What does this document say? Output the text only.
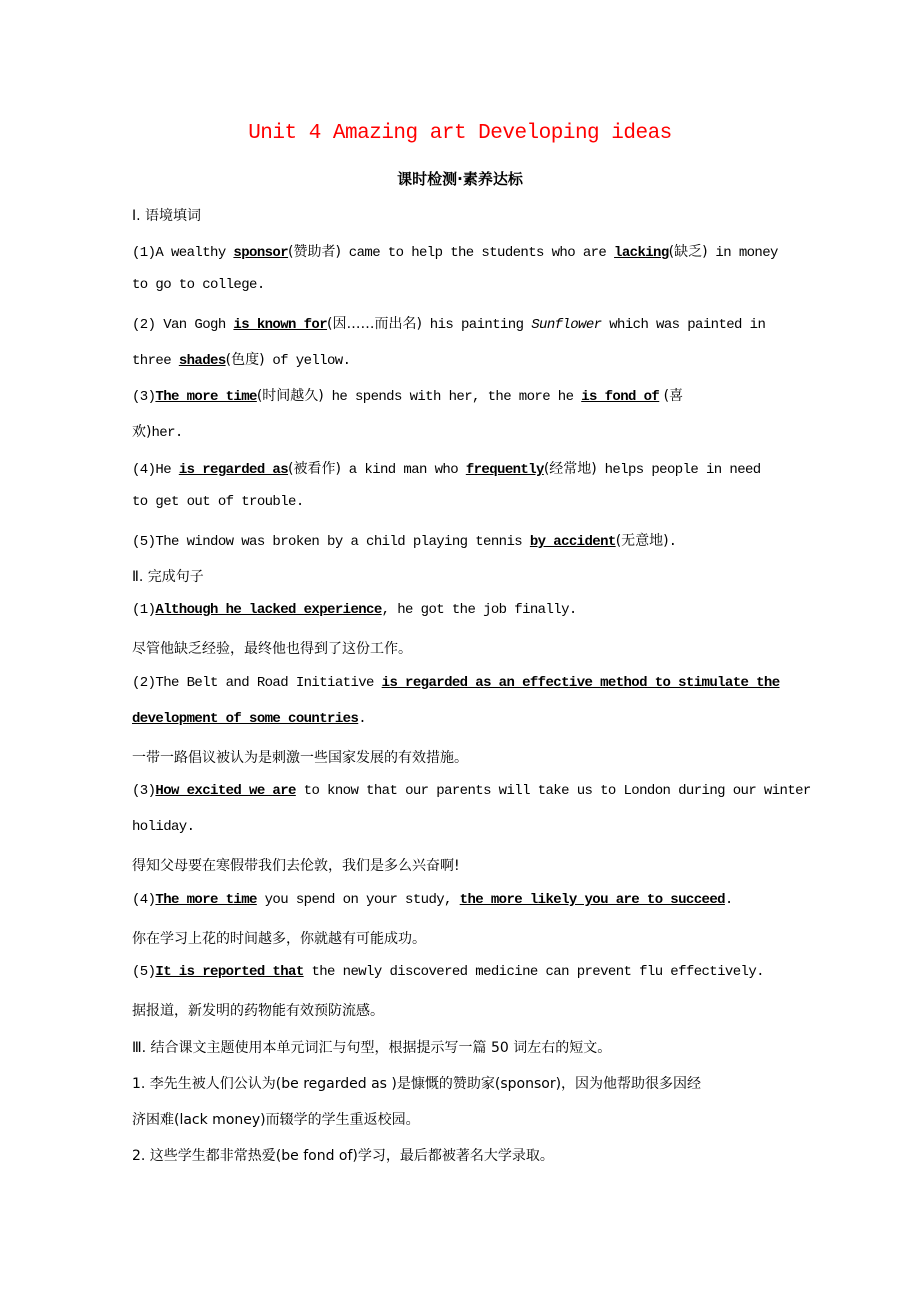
Unit 4 Amazing art Developing ideas
课时检测·素养达标
Ⅰ. 语境填词
(1)A wealthy sponsor(赞助者) came to help the students who are lacking(缺乏) in money
to go to college.
(2) Van Gogh is known for(因……而出名) his painting Sunflower which was painted in
three shades(色度) of yellow.
(3)The more time(时间越久) he spends with her, the more he is fond of (喜
欢)her.
(4)He is regarded as(被看作) a kind man who frequently(经常地) helps people in need
to get out of trouble.
(5)The window was broken by a child playing tennis by accident(无意地).
Ⅱ. 完成句子
(1)Although he lacked experience, he got the job finally.
尽管他缺乏经验，最终他也得到了这份工作。
(2)The Belt and Road Initiative is regarded as an effective method to stimulate the
development of some countries.
一带一路倡议被认为是刺激一些国家发展的有效措施。
(3)How excited we are to know that our parents will take us to London during our winter
holiday.
得知父母要在寒假带我们去伦敦，我们是多么兴奋啊!
(4)The more time you spend on your study, the more likely you are to succeed.
你在学习上花的时间越多，你就越有可能成功。
(5)It is reported that the newly discovered medicine can prevent flu effectively.
据报道，新发明的药物能有效预防流感。
Ⅲ. 结合课文主题使用本单元词汇与句型，根据提示写一篇 50 词左右的短文。
1. 李先生被人们公认为(be regarded as )是慷慨的赞助家(sponsor)，因为他帮助很多因经
济困难(lack money)而辍学的学生重返校园。
2. 这些学生都非常热爱(be fond of)学习，最后都被著名大学录取。
